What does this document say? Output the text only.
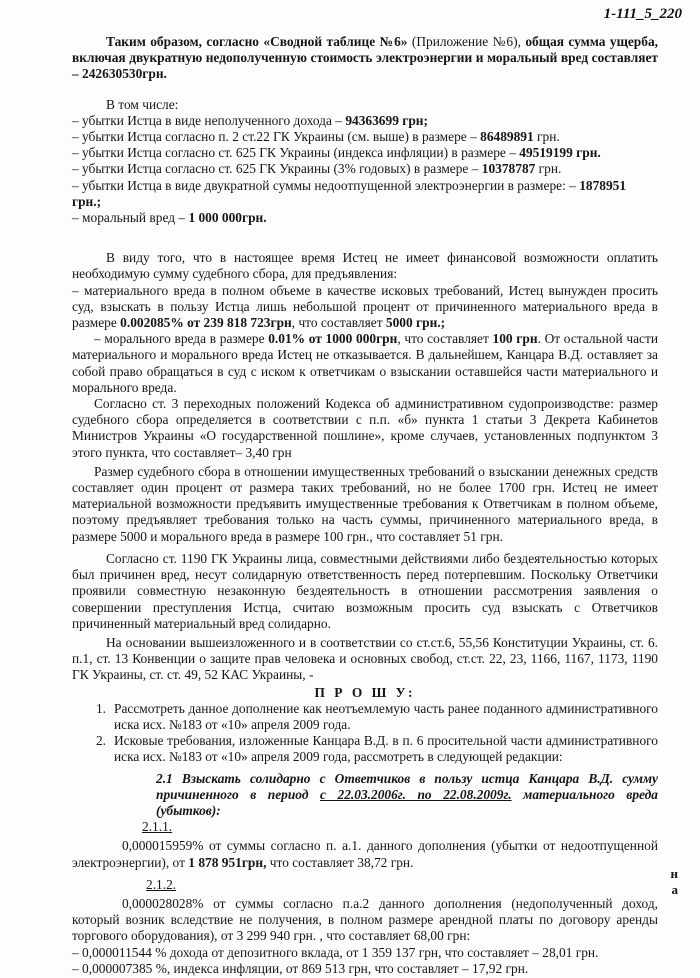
1-111_5_220

Таким образом, согласно «Сводной таблице №6» (Приложение №6), общая сумма ущерба, включая двукратную недополученную стоимость электроэнергии и моральный вред составляет – 242630530грн.

В том числе:

– убытки Истца в виде неполученного дохода – 94363699 грн;

– убытки Истца согласно п. 2 ст.22 ГК Украины (см. выше) в размере – 86489891 грн.

– убытки Истца согласно ст. 625 ГК Украины (индекса инфляции) в размере – 49519199 грн.

– убытки Истца согласно ст. 625 ГК Украины (3% годовых) в размере – 10378787 грн.

– убытки Истца в виде двукратной суммы недоотпущенной электроэнергии в размере: – 1878951 грн.;

– моральный вред – 1 000 000грн.

В виду того, что в настоящее время Истец не имеет финансовой возможности оплатить необходимую сумму судебного сбора, для предъявления:

– материального вреда в полном объеме в качестве исковых требований, Истец вынужден просить суд, взыскать в пользу Истца лишь небольшой процент от причиненного материального вреда в размере 0.002085% от 239 818 723грн, что составляет 5000 грн.;

– морального вреда в размере 0.01% от 1000 000грн, что составляет 100 грн. От остальной части материального и морального вреда Истец не отказывается. В дальнейшем, Канцара В.Д. оставляет за собой право обращаться в суд с иском к ответчикам о взыскании оставшейся части материального и морального вреда.

Согласно ст. 3 переходных положений Кодекса об административном судопроизводстве: размер судебного сбора определяется в соответствии с п.п. «б» пункта 1 статьи 3 Декрета Кабинетов Министров Украины «О государственной пошлине», кроме случаев, установленных подпунктом 3 этого пункта, что составляет– 3,40 грн

Размер судебного сбора в отношении имущественных требований о взыскании денежных средств составляет один процент от размера таких требований, но не более 1700 грн. Истец не имеет материальной возможности предъявить имущественные требования к Ответчикам в полном объеме, поэтому предъявляет требования только на часть суммы, причиненного материального вреда, в размере 5000 и морального вреда в размере 100 грн., что составляет 51 грн.

Согласно ст. 1190 ГК Украины лица, совместными действиями либо бездеятельностью которых был причинен вред, несут солидарную ответственность перед потерпевшим. Поскольку Ответчики проявили совместную незаконную бездеятельность в отношении рассмотрения заявления о совершении преступления Истца, считаю возможным просить суд взыскать с Ответчиков причиненный материальный вред солидарно.

На основании вышеизложенного и в соответствии со ст.ст.6, 55,56 Конституции Украины, ст. 6. п.1, ст. 13 Конвенции о защите прав человека и основных свобод, ст.ст. 22, 23, 1166, 1167, 1173, 1190 ГК Украины, ст. ст. 49, 52 КАС Украины, -

П Р О Ш У:

1. Рассмотреть данное дополнение как неотъемлемую часть ранее поданного административного иска исх. №183 от «10» апреля 2009 года.
2. Исковые требования, изложенные Канцара В.Д. в п. 6 просительной части административного иска исх. №183 от «10» апреля 2009 года, рассмотреть в следующей редакции:

2.1 Взыскать солидарно с Ответчиков в пользу истца Канцара В.Д. сумму причиненного в период с 22.03.2006г. по 22.08.2009г. материального вреда (убытков):

2.1.1.

0,000015959% от суммы согласно п. а.1. данного дополнения (убытки от недоотпущенной электроэнергии), от 1 878 951грн, что составляет 38,72 грн.

2.1.2.

0,000028028% от суммы согласно п.а.2 данного дополнения (недополученный доход, который возник вследствие не получения, в полном размере арендной платы по договору аренды торгового оборудования), от 3 299 940 грн. , что составляет 68,00 грн:

– 0,000011544 % дохода от депозитного вклада, от 1 359 137 грн, что составляет – 28,01 грн.

– 0,000007385 %, индекса инфляции, от 869 513 грн, что составляет – 17,92 грн.

н
а
